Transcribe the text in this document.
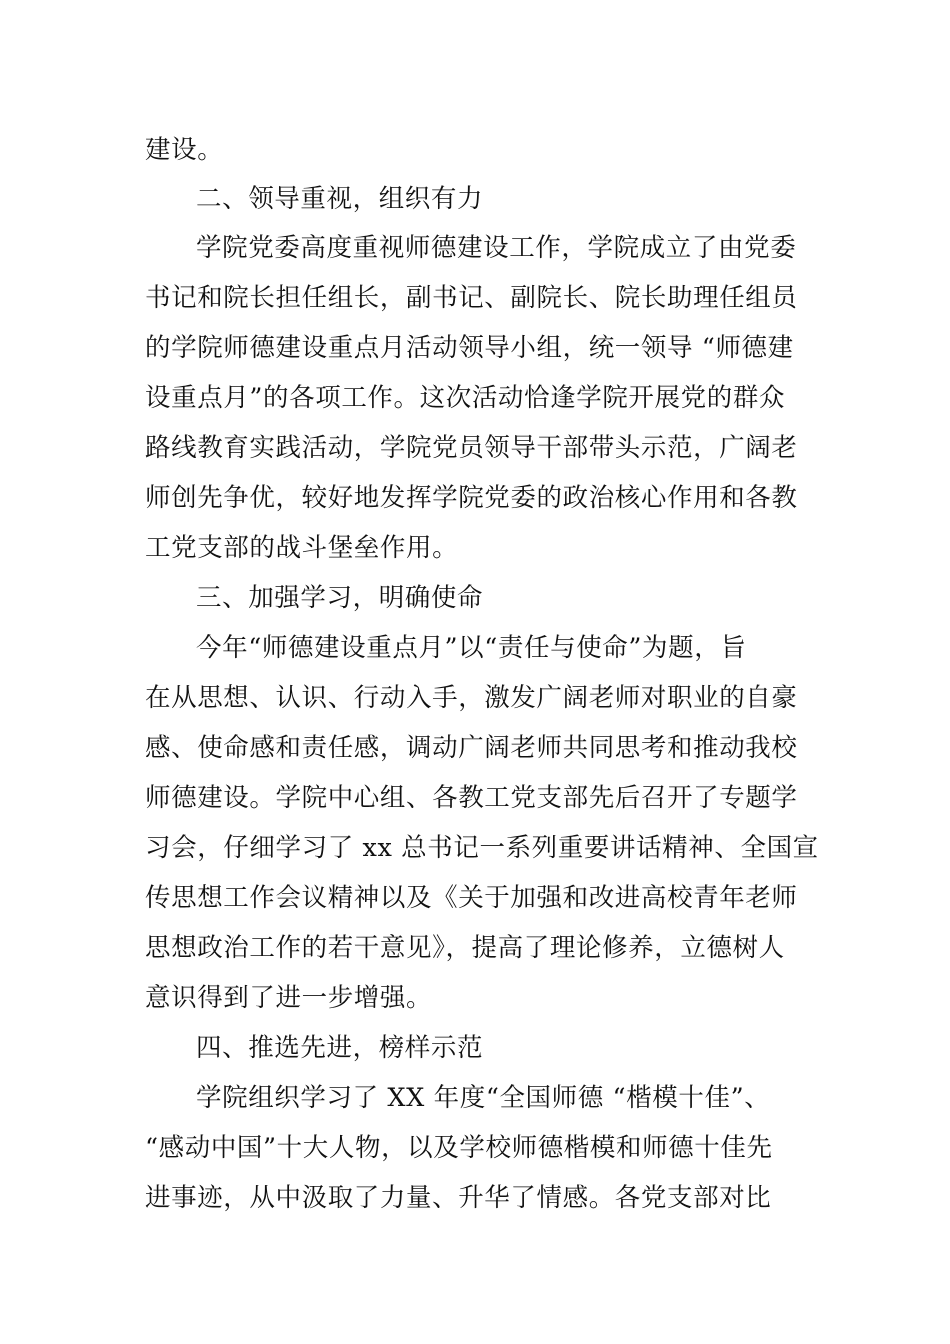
建设。
二、领导重视，组织有力
学院党委高度重视师德建设工作，学院成立了由党委
书记和院长担任组长，副书记、副院长、院长助理任组员
的学院师德建设重点月活动领导小组，统一领导 “师德建
设重点月”的各项工作。这次活动恰逢学院开展党的群众
路线教育实践活动，学院党员领导干部带头示范，广阔老
师创先争优，较好地发挥学院党委的政治核心作用和各教
工党支部的战斗堡垒作用。
三、加强学习，明确使命
今年“师德建设重点月”以“责任与使命”为题，旨
在从思想、认识、行动入手，激发广阔老师对职业的自豪
感、使命感和责任感，调动广阔老师共同思考和推动我校
师德建设。学院中心组、各教工党支部先后召开了专题学
习会，仔细学习了 xx 总书记一系列重要讲话精神、全国宣
传思想工作会议精神以及《关于加强和改进高校青年老师
思想政治工作的若干意见》，提高了理论修养，立德树人
意识得到了进一步增强。
四、推选先进，榜样示范
学院组织学习了 XX 年度“全国师德 “楷模十佳”、
“感动中国”十大人物，以及学校师德楷模和师德十佳先
进事迹，从中汲取了力量、升华了情感。各党支部对比
